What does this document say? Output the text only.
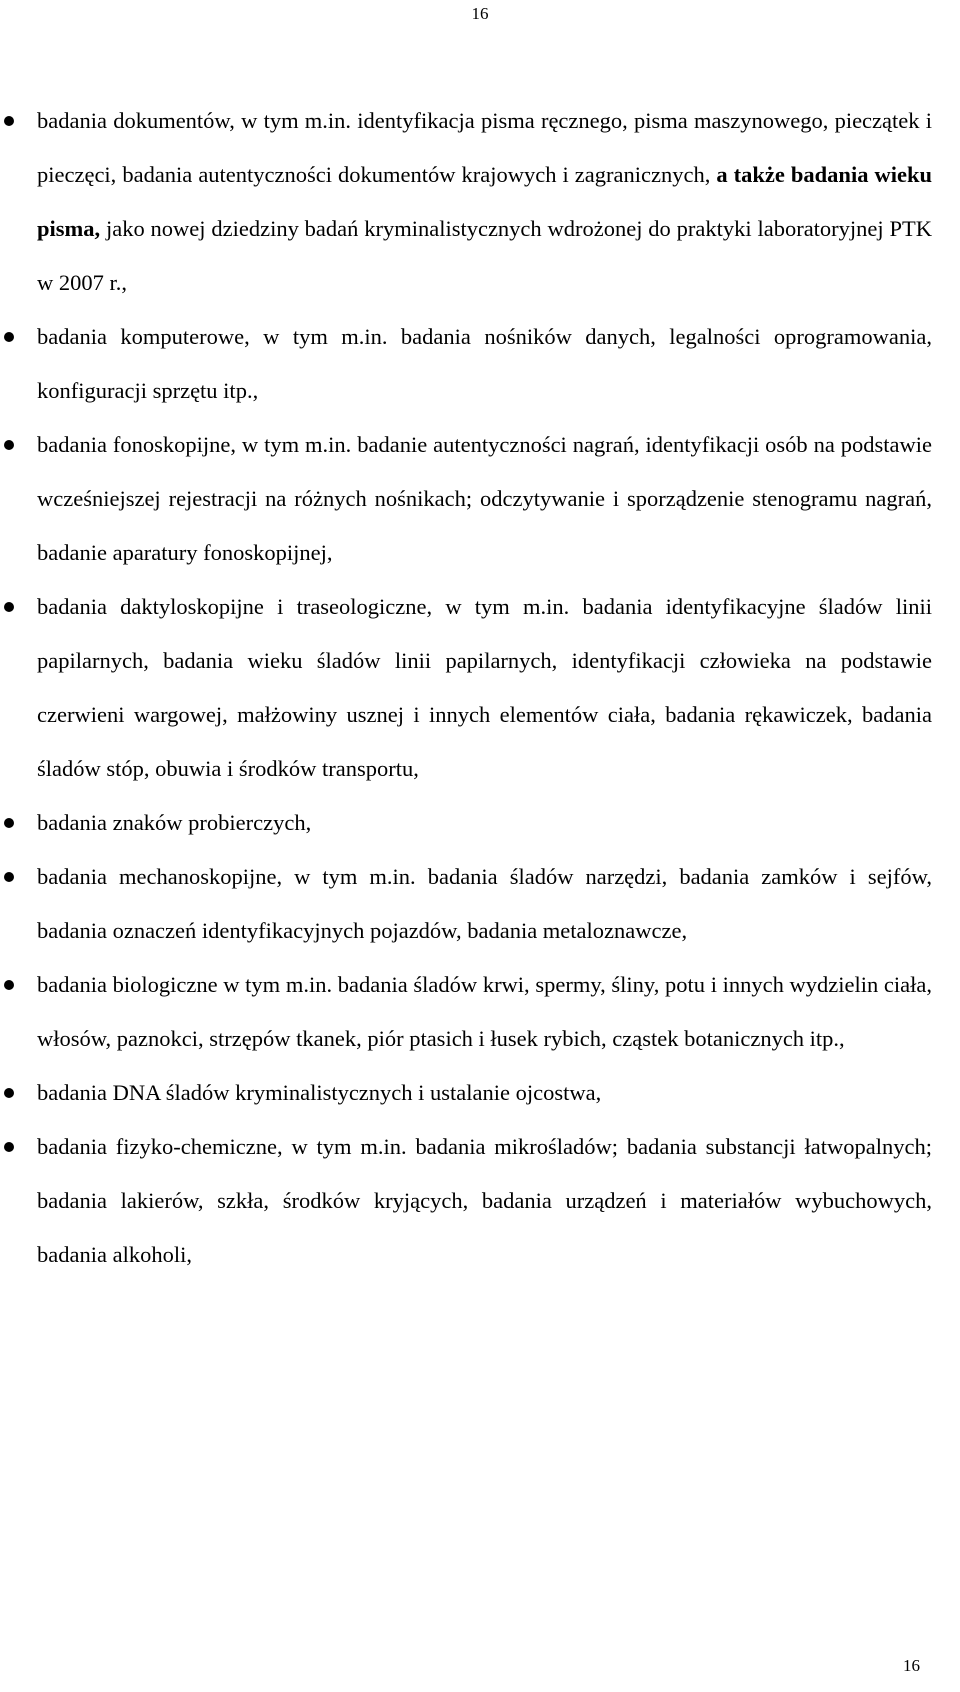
16
badania dokumentów, w tym m.in. identyfikacja pisma ręcznego, pisma maszynowego, pieczątek i pieczęci, badania autentyczności dokumentów krajowych i zagranicznych, a także badania wieku pisma, jako nowej dziedziny badań kryminalistycznych wdrożonej do praktyki laboratoryjnej PTK w 2007 r.,
badania komputerowe, w tym m.in. badania nośników danych, legalności oprogramowania, konfiguracji sprzętu itp.,
badania fonoskopijne, w tym m.in. badanie autentyczności nagrań, identyfikacji osób na podstawie wcześniejszej rejestracji na różnych nośnikach; odczytywanie i sporządzenie stenogramu nagrań, badanie aparatury fonoskopijnej,
badania daktyloskopijne i traseologiczne, w tym m.in. badania identyfikacyjne śladów linii papilarnych, badania wieku śladów linii papilarnych, identyfikacji człowieka na podstawie czerwieni wargowej, małżowiny usznej i innych elementów ciała, badania rękawiczek, badania śladów stóp, obuwia i środków transportu,
badania znaków probierczych,
badania mechanoskopijne, w tym m.in. badania śladów narzędzi, badania zamków i sejfów, badania oznaczeń identyfikacyjnych pojazdów, badania metaloznawcze,
badania biologiczne w tym m.in. badania śladów krwi, spermy, śliny, potu i innych wydzielin ciała, włosów, paznokci, strzępów tkanek, piór ptasich i łusek rybich, cząstek botanicznych itp.,
badania DNA śladów kryminalistycznych i ustalanie ojcostwa,
badania fizyko-chemiczne, w tym m.in. badania mikrośladów; badania substancji łatwopalnych; badania lakierów, szkła, środków kryjących, badania urządzeń i materiałów wybuchowych, badania alkoholi,
16
